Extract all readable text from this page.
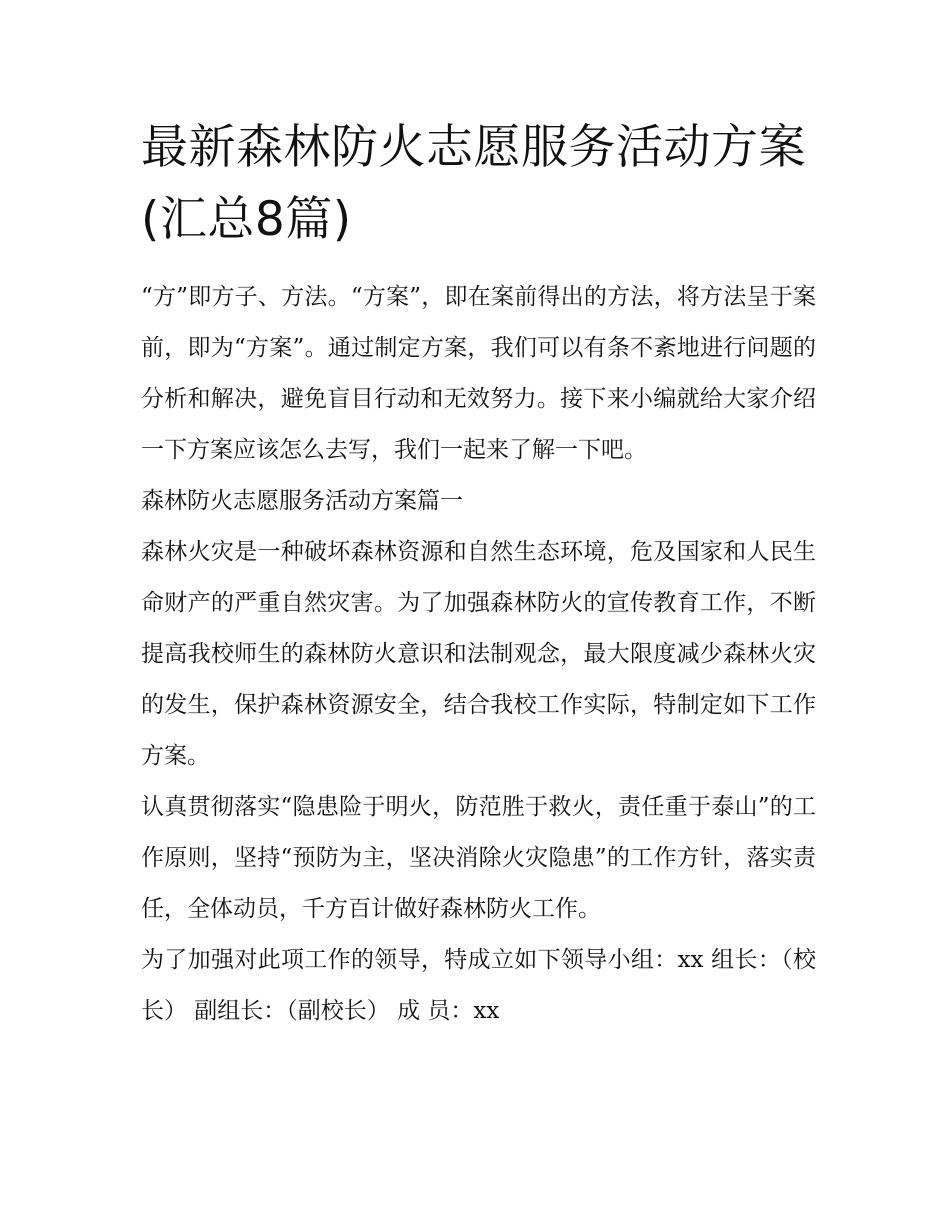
最新森林防火志愿服务活动方案(汇总8篇)

“方”即方子、方法。“方案”，即在案前得出的方法，将方法呈于案前，即为“方案”。通过制定方案，我们可以有条不紊地进行问题的分析和解决，避免盲目行动和无效努力。接下来小编就给大家介绍一下方案应该怎么去写，我们一起来了解一下吧。

森林防火志愿服务活动方案篇一

森林火灾是一种破坏森林资源和自然生态环境，危及国家和人民生命财产的严重自然灾害。为了加强森林防火的宣传教育工作，不断提高我校师生的森林防火意识和法制观念，最大限度减少森林火灾的发生，保护森林资源安全，结合我校工作实际，特制定如下工作方案。

认真贯彻落实“隐患险于明火，防范胜于救火，责任重于泰山”的工作原则，坚持“预防为主，坚决消除火灾隐患”的工作方针，落实责任，全体动员，千方百计做好森林防火工作。

为了加强对此项工作的领导，特成立如下领导小组：xx 组长：（校长） 副组长：（副校长） 成 员：xx
